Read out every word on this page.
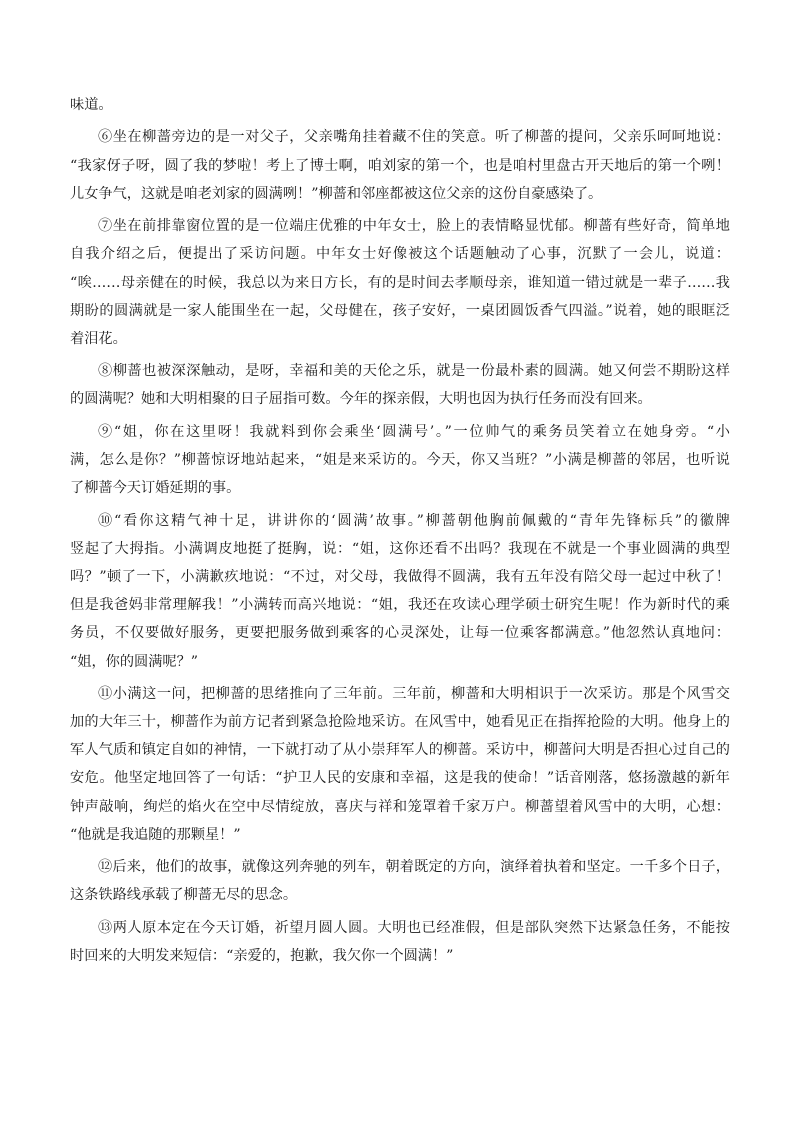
味道。
⑥坐在柳蔷旁边的是一对父子，父亲嘴角挂着藏不住的笑意。听了柳蔷的提问，父亲乐呵呵地说：
“我家伢子呀，圆了我的梦啦！考上了博士啊，咱刘家的第一个，也是咱村里盘古开天地后的第一个咧！
儿女争气，这就是咱老刘家的圆满咧！”柳蔷和邻座都被这位父亲的这份自豪感染了。
⑦坐在前排靠窗位置的是一位端庄优雅的中年女士，脸上的表情略显忧郁。柳蔷有些好奇，简单地
自我介绍之后，便提出了采访问题。中年女士好像被这个话题触动了心事，沉默了一会儿，说道：
“唉……母亲健在的时候，我总以为来日方长，有的是时间去孝顺母亲，谁知道一错过就是一辈子……我
期盼的圆满就是一家人能围坐在一起，父母健在，孩子安好，一桌团圆饭香气四溢。”说着，她的眼眶泛
着泪花。
⑧柳蔷也被深深触动，是呀，幸福和美的天伦之乐，就是一份最朴素的圆满。她又何尝不期盼这样
的圆满呢？她和大明相聚的日子屈指可数。今年的探亲假，大明也因为执行任务而没有回来。
⑨“姐，你在这里呀！我就料到你会乘坐‘圆满号’。”一位帅气的乘务员笑着立在她身旁。“小
满，怎么是你？”柳蔷惊讶地站起来，“姐是来采访的。今天，你又当班？”小满是柳蔷的邻居，也听说
了柳蔷今天订婚延期的事。
⑩“看你这精气神十足，讲讲你的‘圆满’故事。”柳蔷朝他胸前佩戴的“青年先锋标兵”的徽牌
竖起了大拇指。小满调皮地挺了挺胸，说：“姐，这你还看不出吗？我现在不就是一个事业圆满的典型
吗？”顿了一下，小满歉疚地说：“不过，对父母，我做得不圆满，我有五年没有陪父母一起过中秋了！
但是我爸妈非常理解我！”小满转而高兴地说：“姐，我还在攻读心理学硕士研究生呢！作为新时代的乘
务员，不仅要做好服务，更要把服务做到乘客的心灵深处，让每一位乘客都满意。”他忽然认真地问：
“姐，你的圆满呢？”
⑪小满这一问，把柳蔷的思绪推向了三年前。三年前，柳蔷和大明相识于一次采访。那是个风雪交
加的大年三十，柳蔷作为前方记者到紧急抢险地采访。在风雪中，她看见正在指挥抢险的大明。他身上的
军人气质和镇定自如的神情，一下就打动了从小崇拜军人的柳蔷。采访中，柳蔷问大明是否担心过自己的
安危。他坚定地回答了一句话：“护卫人民的安康和幸福，这是我的使命！”话音刚落，悠扬激越的新年
钟声敲响，绚烂的焰火在空中尽情绽放，喜庆与祥和笼罩着千家万户。柳蔷望着风雪中的大明，心想：
“他就是我追随的那颗星！”
⑫后来，他们的故事，就像这列奔驰的列车，朝着既定的方向，演绎着执着和坚定。一千多个日子，
这条铁路线承载了柳蔷无尽的思念。
⑬两人原本定在今天订婚，祈望月圆人圆。大明也已经准假，但是部队突然下达紧急任务，不能按
时回来的大明发来短信：“亲爱的，抱歉，我欠你一个圆满！”
